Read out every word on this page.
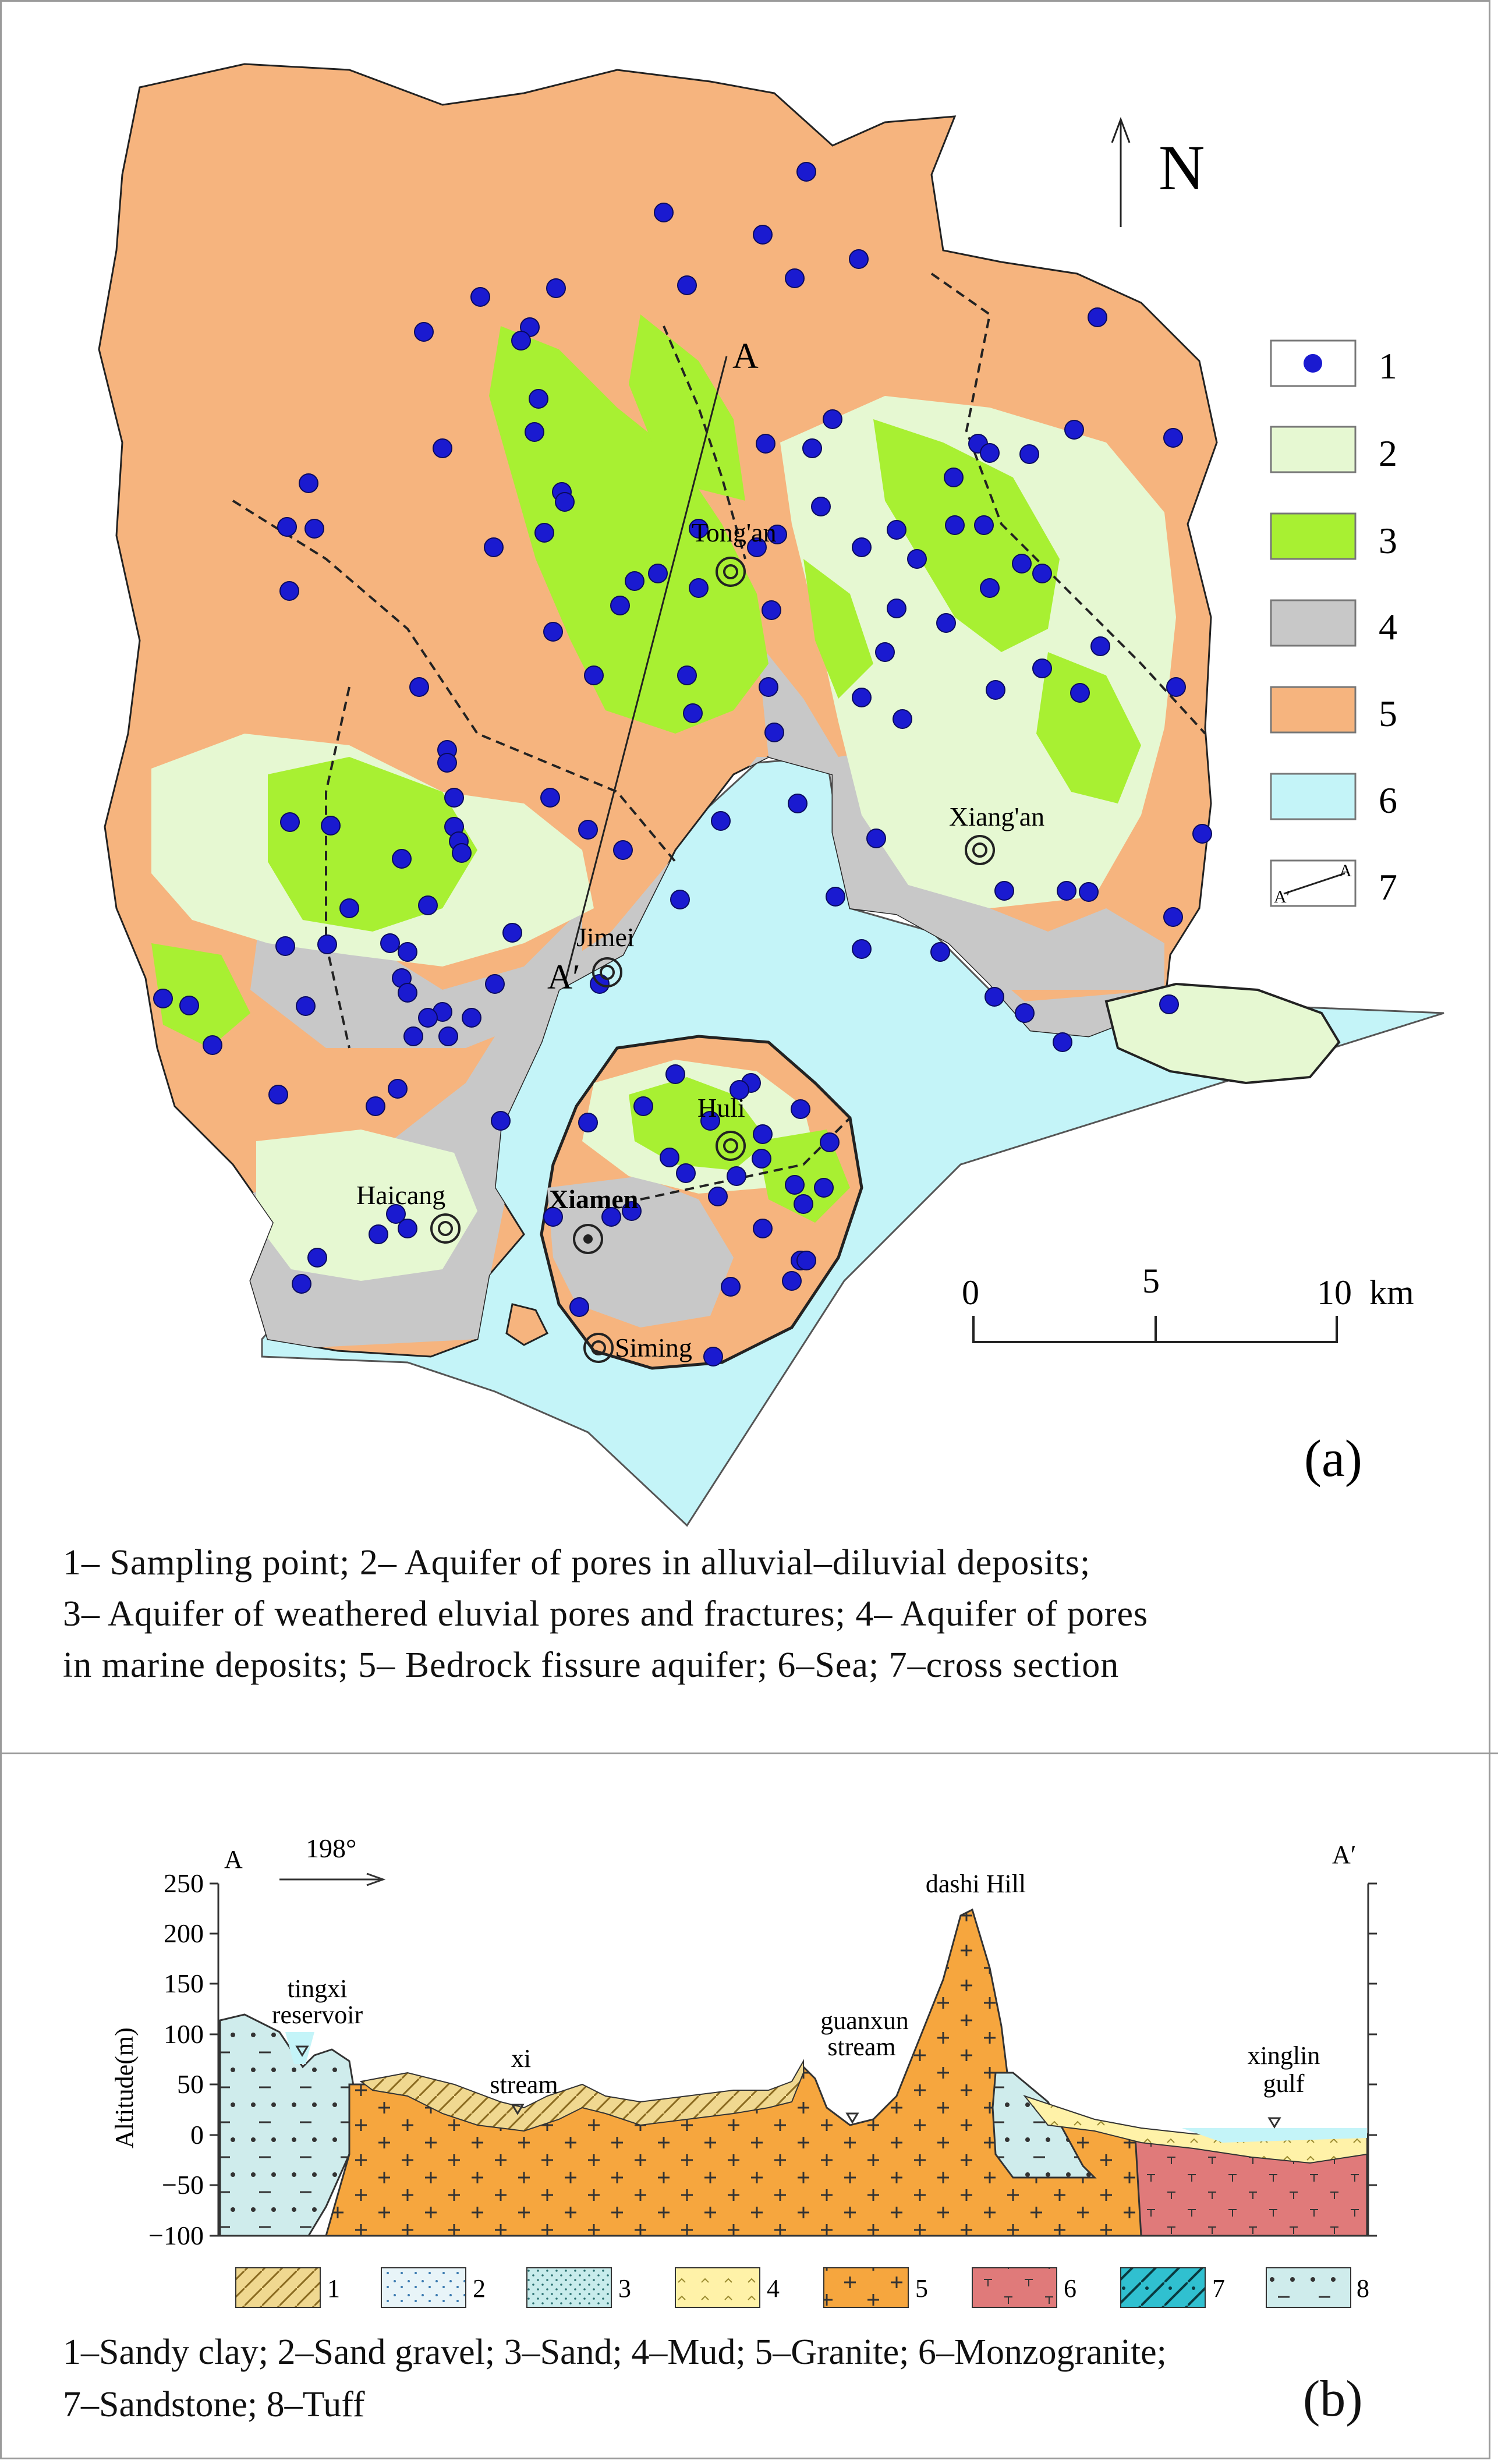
A
A′
N
Tong'an
Xiang'an
Jimei
Huli
Haicang	Xiamen
Siming
1
2
3
4
5
6
A
A′ 7
0	5	10 km
(a)
1– Sampling point; 2– Aquifer of pores in alluvial–diluvial deposits;
3– Aquifer of weathered eluvial pores and fractures; 4– Aquifer of pores
in marine deposits; 5– Bedrock fissure aquifer; 6–Sea; 7–cross section
250
200
150
100
50
0
−50
−100
Altitude(m)
A	A′
198°
tingxi
reservoir
xi
stream
guanxun
stream
dashi Hill
xinglin
gulf
1	2	3	4	5	6	7	8
1–Sandy clay; 2–Sand gravel; 3–Sand; 4–Mud; 5–Granite; 6–Monzogranite;
7–Sandstone; 8–Tuff	(b)
